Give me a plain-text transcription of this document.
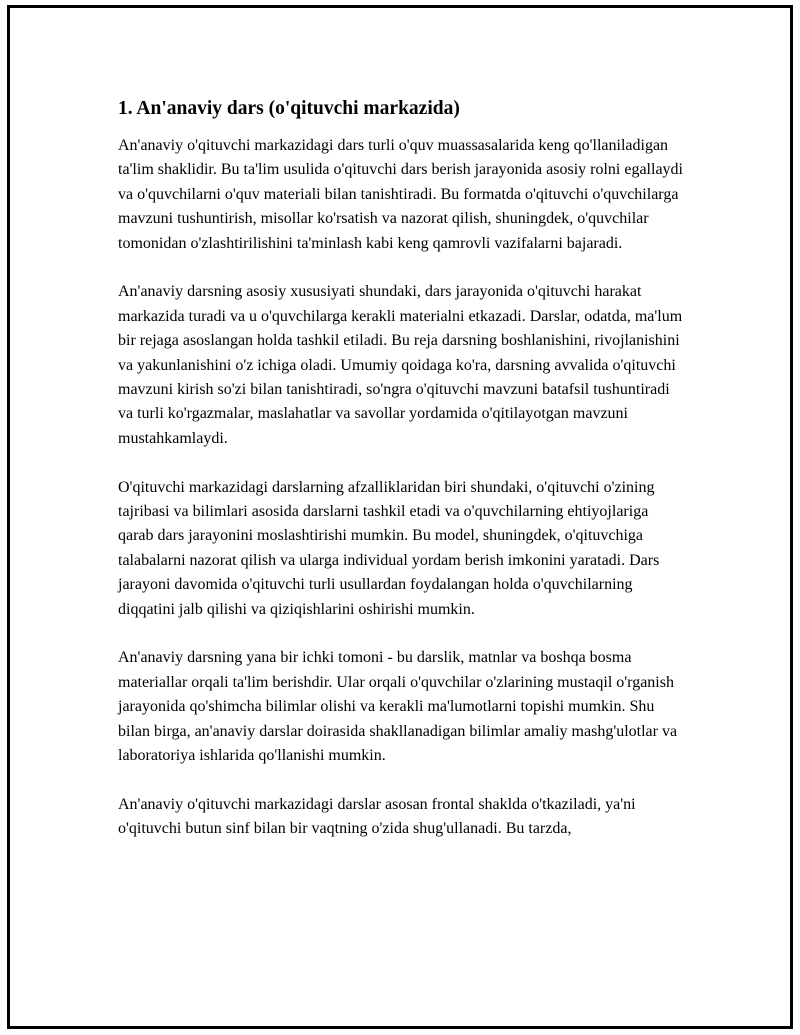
1. An'anaviy dars (o'qituvchi markazida)

An'anaviy o'qituvchi markazidagi dars turli o'quv muassasalarida keng qo'llaniladigan ta'lim shaklidir. Bu ta'lim usulida o'qituvchi dars berish jarayonida asosiy rolni egallaydi va o'quvchilarni o'quv materiali bilan tanishtiradi. Bu formatda o'qituvchi o'quvchilarga mavzuni tushuntirish, misollar ko'rsatish va nazorat qilish, shuningdek, o'quvchilar tomonidan o'zlashtirilishini ta'minlash kabi keng qamrovli vazifalarni bajaradi.

An'anaviy darsning asosiy xususiyati shundaki, dars jarayonida o'qituvchi harakat markazida turadi va u o'quvchilarga kerakli materialni etkazadi. Darslar, odatda, ma'lum bir rejaga asoslangan holda tashkil etiladi. Bu reja darsning boshlanishini, rivojlanishini va yakunlanishini o'z ichiga oladi. Umumiy qoidaga ko'ra, darsning avvalida o'qituvchi mavzuni kirish so'zi bilan tanishtiradi, so'ngra o'qituvchi mavzuni batafsil tushuntiradi va turli ko'rgazmalar, maslahatlar va savollar yordamida o'qitilayotgan mavzuni mustahkamlaydi.

O'qituvchi markazidagi darslarning afzalliklaridan biri shundaki, o'qituvchi o'zining tajribasi va bilimlari asosida darslarni tashkil etadi va o'quvchilarning ehtiyojlariga qarab dars jarayonini moslashtirishi mumkin. Bu model, shuningdek, o'qituvchiga talabalarni nazorat qilish va ularga individual yordam berish imkonini yaratadi. Dars jarayoni davomida o'qituvchi turli usullardan foydalangan holda o'quvchilarning diqqatini jalb qilishi va qiziqishlarini oshirishi mumkin.

An'anaviy darsning yana bir ichki tomoni - bu darslik, matnlar va boshqa bosma materiallar orqali ta'lim berishdir. Ular orqali o'quvchilar o'zlarining mustaqil o'rganish jarayonida qo'shimcha bilimlar olishi va kerakli ma'lumotlarni topishi mumkin. Shu bilan birga, an'anaviy darslar doirasida shakllanadigan bilimlar amaliy mashg'ulotlar va laboratoriya ishlarida qo'llanishi mumkin.

An'anaviy o'qituvchi markazidagi darslar asosan frontal shaklda o'tkaziladi, ya'ni o'qituvchi butun sinf bilan bir vaqtning o'zida shug'ullanadi. Bu tarzda,
